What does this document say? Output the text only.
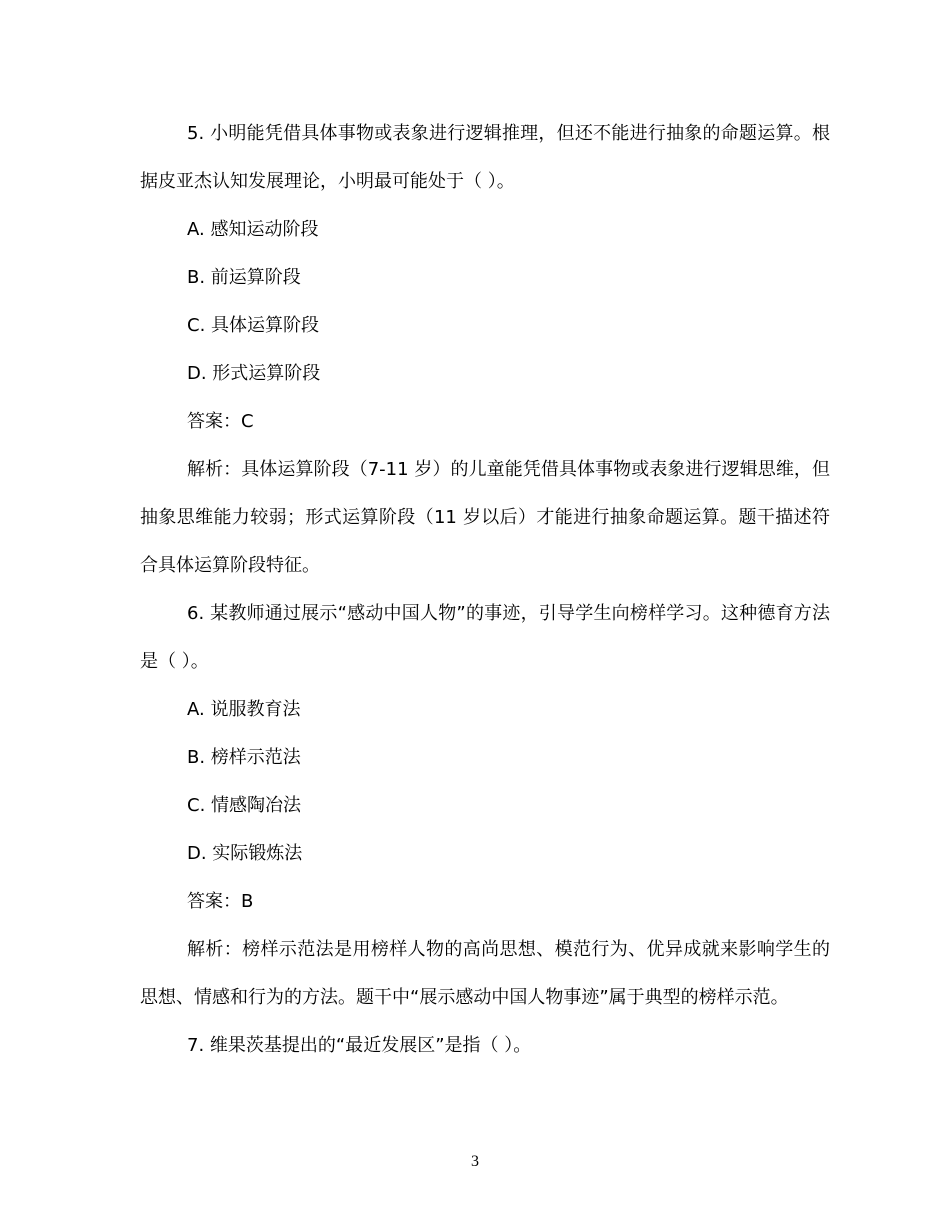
5. 小明能凭借具体事物或表象进行逻辑推理，但还不能进行抽象的命题运算。根据皮亚杰认知发展理论，小明最可能处于（ ）。

A. 感知运动阶段

B. 前运算阶段

C. 具体运算阶段

D. 形式运算阶段

答案：C

解析：具体运算阶段（7-11 岁）的儿童能凭借具体事物或表象进行逻辑思维，但抽象思维能力较弱；形式运算阶段（11 岁以后）才能进行抽象命题运算。题干描述符合具体运算阶段特征。

6. 某教师通过展示“感动中国人物”的事迹，引导学生向榜样学习。这种德育方法是（ ）。

A. 说服教育法

B. 榜样示范法

C. 情感陶冶法

D. 实际锻炼法

答案：B

解析：榜样示范法是用榜样人物的高尚思想、模范行为、优异成就来影响学生的思想、情感和行为的方法。题干中“展示感动中国人物事迹”属于典型的榜样示范。

7. 维果茨基提出的“最近发展区”是指（ ）。

3
